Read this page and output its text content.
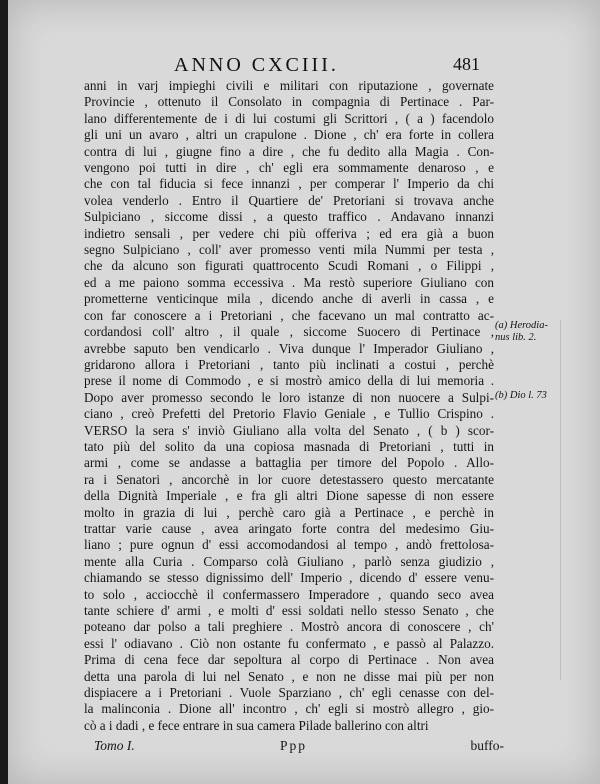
ANNO CXCIII.	481
anni in varj impieghi civili e militari con riputazione , governate
Provincie , ottenuto il Consolato in compagnia di Pertinace . Par-
lano differentemente de i di lui costumi gli Scrittori , ( a ) facendolo
gli uni un avaro , altri un crapulone . Dione , ch' era forte in collera
contra di lui , giugne fino a dire , che fu dedito alla Magia . Con-
vengono poi tutti in dire , ch' egli era sommamente denaroso , e
che con tal fiducia si fece innanzi , per comperar l' Imperio da chi
volea venderlo . Entro il Quartiere de' Pretoriani si trovava anche
Sulpiciano , siccome dissi , a questo traffico . Andavano innanzi
indietro sensali , per vedere chi più offeriva ; ed era già a buon
segno Sulpiciano , coll' aver promesso venti mila Nummi per testa ,
che da alcuno son figurati quattrocento Scudi Romani , o Filippi ,
ed a me paiono somma eccessiva . Ma restò superiore Giuliano con
prometterne venticinque mila , dicendo anche di averli in cassa , e
con far conoscere a i Pretoriani , che facevano un mal contratto ac-
cordandosi coll' altro , il quale , siccome Suocero di Pertinace ,
avrebbe saputo ben vendicarlo . Viva dunque l' Imperador Giuliano ,
gridarono allora i Pretoriani , tanto più inclinati a costui , perchè
prese il nome di Commodo , e si mostrò amico della di lui memoria .
Dopo aver promesso secondo le loro istanze di non nuocere a Sulpi-
ciano , creò Prefetti del Pretorio Flavio Geniale , e Tullio Crispino .
VERSO la sera s' inviò Giuliano alla volta del Senato , ( b ) scor-
tato più del solito da una copiosa masnada di Pretoriani , tutti in
armi , come se andasse a battaglia per timore del Popolo . Allo-
ra i Senatori , ancorchè in lor cuore detestassero questo mercatante
della Dignità Imperiale , e fra gli altri Dione sapesse di non essere
molto in grazia di lui , perchè caro già a Pertinace , e perchè in
trattar varie cause , avea aringato forte contra del medesimo Giu-
liano ; pure ognun d' essi accomodandosi al tempo , andò frettolosa-
mente alla Curia . Comparso colà Giuliano , parlò senza giudizio ,
chiamando se stesso dignissimo dell' Imperio , dicendo d' essere venu-
to solo , acciocchè il confermassero Imperadore , quando seco avea
tante schiere d' armi , e molti d' essi soldati nello stesso Senato , che
poteano dar polso a tali preghiere . Mostrò ancora di conoscere , ch'
essi l' odiavano . Ciò non ostante fu confermato , e passò al Palazzo.
Prima di cena fece dar sepoltura al corpo di Pertinace . Non avea
detta una parola di lui nel Senato , e non ne disse mai più per non
dispiacere a i Pretoriani . Vuole Sparziano , ch' egli cenasse con del-
la malinconia . Dione all' incontro , ch' egli si mostrò allegro , gio-
cò a i dadi , e fece entrare in sua camera Pilade ballerino con altri
(a) Herodia-
nus lib. 2.
(b) Dio l. 73
Tomo I.	Ppp	buffo-
